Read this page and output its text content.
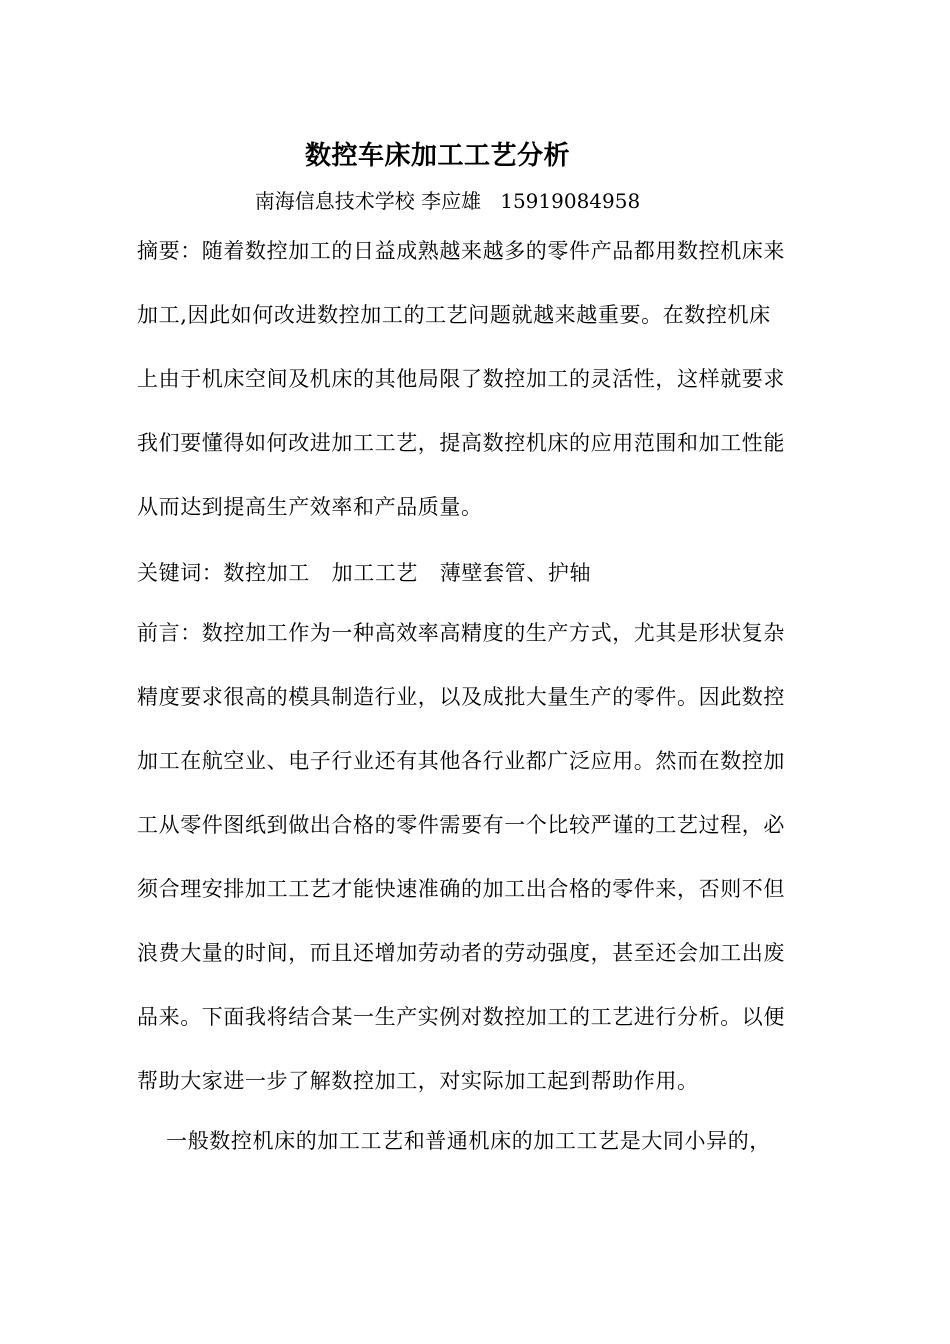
数控车床加工工艺分析
南海信息技术学校 李应雄   15919084958
摘要：随着数控加工的日益成熟越来越多的零件产品都用数控机床来
加工,因此如何改进数控加工的工艺问题就越来越重要。在数控机床
上由于机床空间及机床的其他局限了数控加工的灵活性，这样就要求
我们要懂得如何改进加工工艺，提高数控机床的应用范围和加工性能
从而达到提高生产效率和产品质量。
关键词：数控加工   加工工艺   薄壁套管、护轴
前言：数控加工作为一种高效率高精度的生产方式，尤其是形状复杂
精度要求很高的模具制造行业，以及成批大量生产的零件。因此数控
加工在航空业、电子行业还有其他各行业都广泛应用。然而在数控加
工从零件图纸到做出合格的零件需要有一个比较严谨的工艺过程，必
须合理安排加工工艺才能快速准确的加工出合格的零件来，否则不但
浪费大量的时间，而且还增加劳动者的劳动强度，甚至还会加工出废
品来。下面我将结合某一生产实例对数控加工的工艺进行分析。以便
帮助大家进一步了解数控加工，对实际加工起到帮助作用。
一般数控机床的加工工艺和普通机床的加工工艺是大同小异的，
